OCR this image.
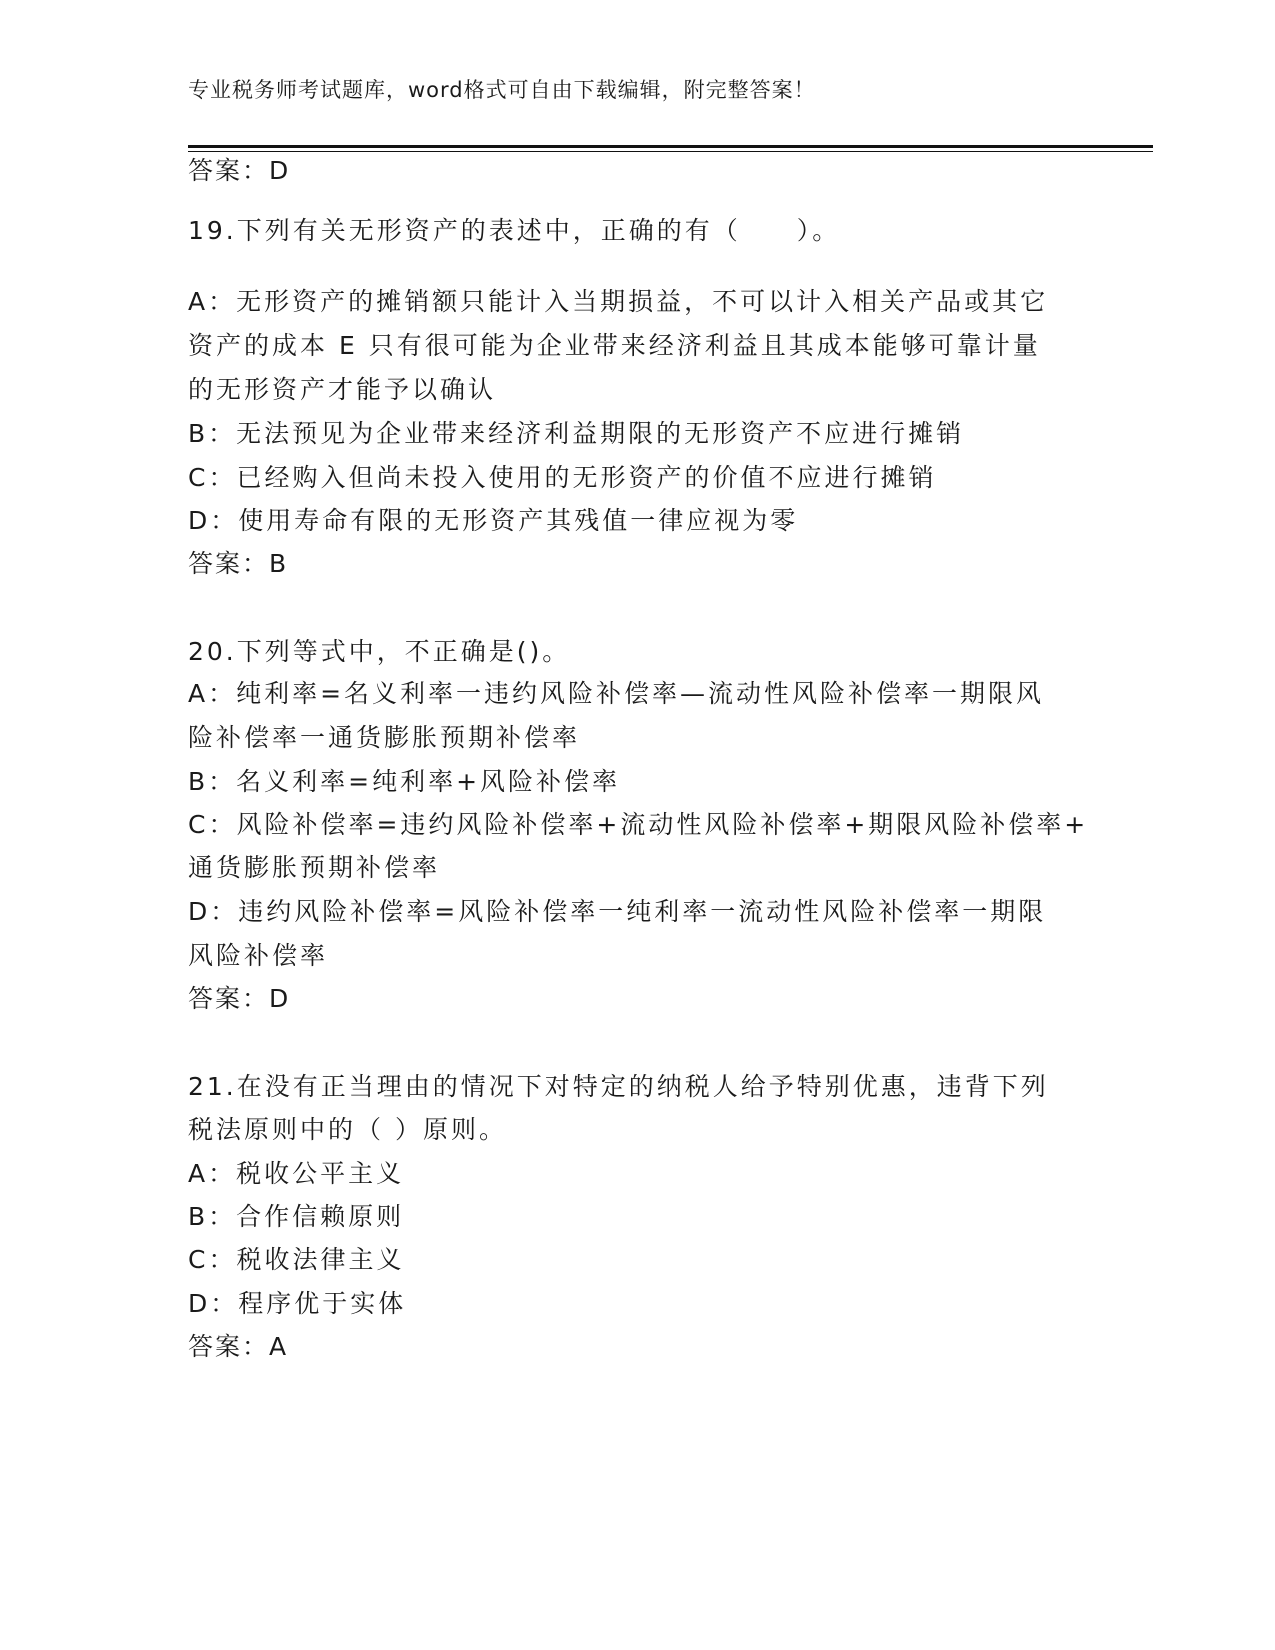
专业税务师考试题库，word格式可自由下载编辑，附完整答案！
答案：D
19.下列有关无形资产的表述中，正确的有（　　）。
A：无形资产的摊销额只能计入当期损益，不可以计入相关产品或其它
资产的成本 E 只有很可能为企业带来经济利益且其成本能够可靠计量
的无形资产才能予以确认
B：无法预见为企业带来经济利益期限的无形资产不应进行摊销
C：已经购入但尚未投入使用的无形资产的价值不应进行摊销
D：使用寿命有限的无形资产其残值一律应视为零
答案：B
20.下列等式中，不正确是()。
A：纯利率=名义利率一违约风险补偿率—流动性风险补偿率一期限风
险补偿率一通货膨胀预期补偿率
B：名义利率=纯利率+风险补偿率
C：风险补偿率=违约风险补偿率+流动性风险补偿率+期限风险补偿率+
通货膨胀预期补偿率
D：违约风险补偿率=风险补偿率一纯利率一流动性风险补偿率一期限
风险补偿率
答案：D
21.在没有正当理由的情况下对特定的纳税人给予特别优惠，违背下列
税法原则中的（ ）原则。
A：税收公平主义
B：合作信赖原则
C：税收法律主义
D：程序优于实体
答案：A
